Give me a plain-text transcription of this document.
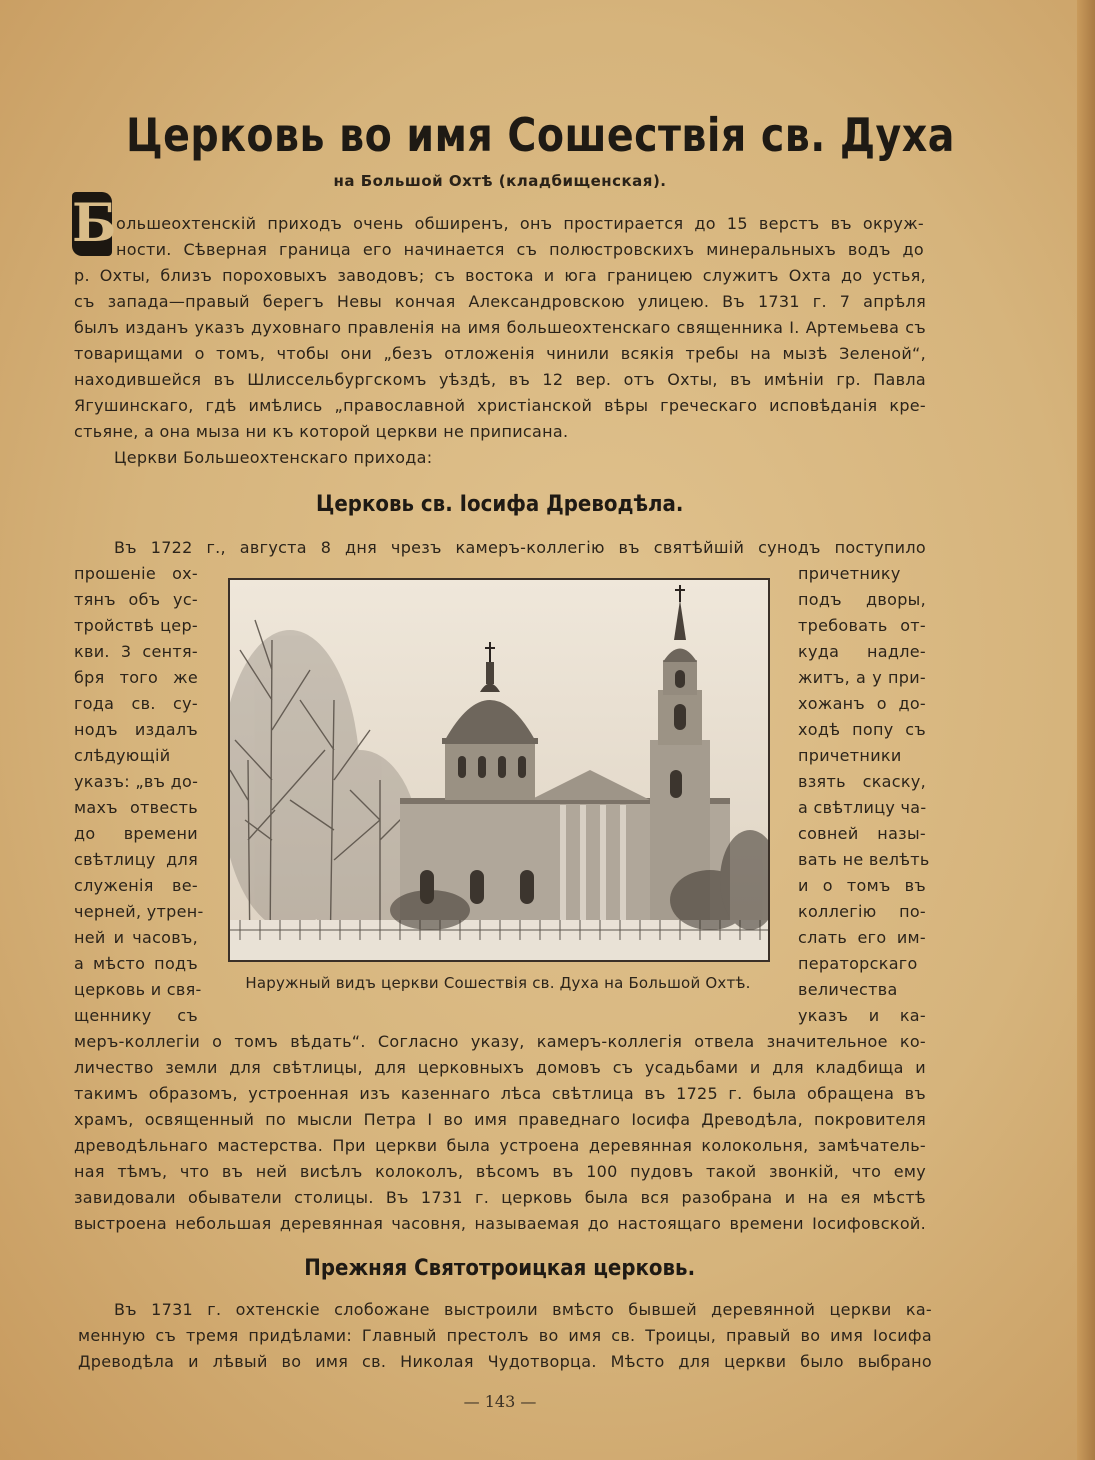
Церковь во имя Сошествія св. Духа
на Большой Охтѣ (кладбищенская).
Б ольшеохтенскій приходъ очень обширенъ, онъ простирается до 15 верстъ въ окруж-
ности. Сѣверная граница его начинается съ полюстровскихъ минеральныхъ водъ до
р. Охты, близъ пороховыхъ заводовъ; съ востока и юга границею служитъ Охта до устья,
съ запада—правый берегъ Невы кончая Александровскою улицею. Въ 1731 г. 7 апрѣля
былъ изданъ указъ духовнаго правленія на имя большеохтенскаго священника І. Артемьева съ
товарищами о томъ, чтобы они „безъ отложенія чинили всякія требы на мызѣ Зеленой“,
находившейся въ Шлиссельбургскомъ уѣздѣ, въ 12 вер. отъ Охты, въ имѣніи гр. Павла
Ягушинскаго, гдѣ имѣлись „православной христіанской вѣры греческаго исповѣданія кре-
стьяне, а она мыза ни къ которой церкви не приписана.
Церкви Большеохтенскаго прихода:
Церковь св. Іосифа Древодѣла.
Въ 1722 г., августа 8 дня чрезъ камеръ-коллегію въ святѣйшій сунодъ поступило
прошеніе ох-
тянъ объ ус-
тройствѣ цер-
кви. 3 сентя-
бря того же
года св. су-
нодъ издалъ
слѣдующій
указъ: „въ до-
махъ отвесть
до времени
свѣтлицу для
служенія ве-
черней, утрен-
ней и часовъ,
а мѣсто подъ
церковь и свя-
щеннику съ
Наружный видъ церкви Сошествія св. Духа на Большой Охтѣ.
причетнику
подъ дворы,
требовать от-
куда надле-
житъ, а у при-
хожанъ о до-
ходѣ попу съ
причетники
взять скаску,
а свѣтлицу ча-
совней назы-
вать не велѣть
и о томъ въ
коллегію по-
слать его им-
ператорскаго
величества
указъ и ка-
меръ-коллегіи о томъ вѣдать“. Согласно указу, камеръ-коллегія отвела значительное ко-
личество земли для свѣтлицы, для церковныхъ домовъ съ усадьбами и для кладбища и
такимъ образомъ, устроенная изъ казеннаго лѣса свѣтлица въ 1725 г. была обращена въ
храмъ, освященный по мысли Петра І во имя праведнаго Іосифа Древодѣла, покровителя
древодѣльнаго мастерства. При церкви была устроена деревянная колокольня, замѣчатель-
ная тѣмъ, что въ ней висѣлъ колоколъ, вѣсомъ въ 100 пудовъ такой звонкій, что ему
завидовали обыватели столицы. Въ 1731 г. церковь была вся разобрана и на ея мѣстѣ
выстроена небольшая деревянная часовня, называемая до настоящаго времени Іосифовской.
Прежняя Святотроицкая церковь.
Въ 1731 г. охтенскіе слобожане выстроили вмѣсто бывшей деревянной церкви ка-
менную съ тремя придѣлами: Главный престолъ во имя св. Троицы, правый во имя Іосифа
Древодѣла и лѣвый во имя св. Николая Чудотворца. Мѣсто для церкви было выбрано
— 143 —
